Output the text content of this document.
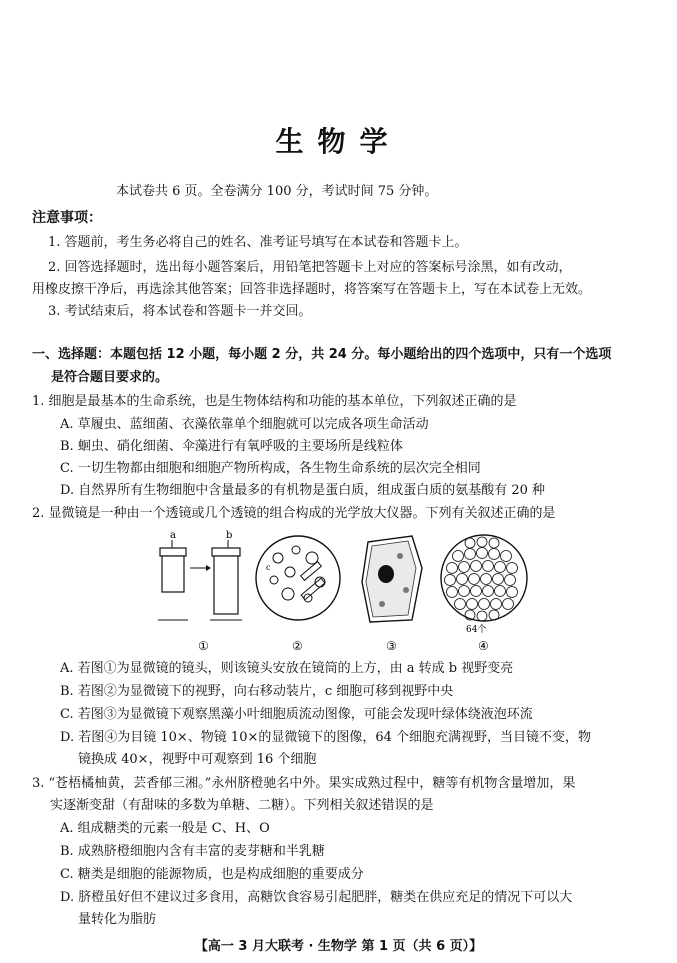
生物学
本试卷共 6 页。全卷满分 100 分，考试时间 75 分钟。
注意事项：
1. 答题前，考生务必将自己的姓名、准考证号填写在本试卷和答题卡上。
2. 回答选择题时，选出每小题答案后，用铅笔把答题卡上对应的答案标号涂黑，如有改动，
用橡皮擦干净后，再选涂其他答案；回答非选择题时，将答案写在答题卡上，写在本试卷上无效。
3. 考试结束后，将本试卷和答题卡一并交回。
一、选择题：本题包括 12 小题，每小题 2 分，共 24 分。每小题给出的四个选项中，只有一个选项
是符合题目要求的。
1. 细胞是最基本的生命系统，也是生物体结构和功能的基本单位，下列叙述正确的是
A. 草履虫、蓝细菌、衣藻依靠单个细胞就可以完成各项生命活动
B. 蛔虫、硝化细菌、伞藻进行有氧呼吸的主要场所是线粒体
C. 一切生物都由细胞和细胞产物所构成，各生物生命系统的层次完全相同
D. 自然界所有生物细胞中含量最多的有机物是蛋白质，组成蛋白质的氨基酸有 20 种
2. 显微镜是一种由一个透镜或几个透镜的组合构成的光学放大仪器。下列有关叙述正确的是
a	b
c
64个
①	②	③	④
A. 若图①为显微镜的镜头，则该镜头安放在镜筒的上方，由 a 转成 b 视野变亮
B. 若图②为显微镜下的视野，向右移动装片，c 细胞可移到视野中央
C. 若图③为显微镜下观察黑藻小叶细胞质流动图像，可能会发现叶绿体绕液泡环流
D. 若图④为目镜 10×、物镜 10×的显微镜下的图像，64 个细胞充满视野，当目镜不变，物
镜换成 40×，视野中可观察到 16 个细胞
3. “苍梧橘柚黄，芸香郁三湘。”永州脐橙驰名中外。果实成熟过程中，糖等有机物含量增加，果
实逐渐变甜（有甜味的多数为单糖、二糖）。下列相关叙述错误的是
A. 组成糖类的元素一般是 C、H、O
B. 成熟脐橙细胞内含有丰富的麦芽糖和半乳糖
C. 糖类是细胞的能源物质，也是构成细胞的重要成分
D. 脐橙虽好但不建议过多食用，高糖饮食容易引起肥胖，糖类在供应充足的情况下可以大
量转化为脂肪
【高一 3 月大联考 · 生物学 第 1 页（共 6 页）】
